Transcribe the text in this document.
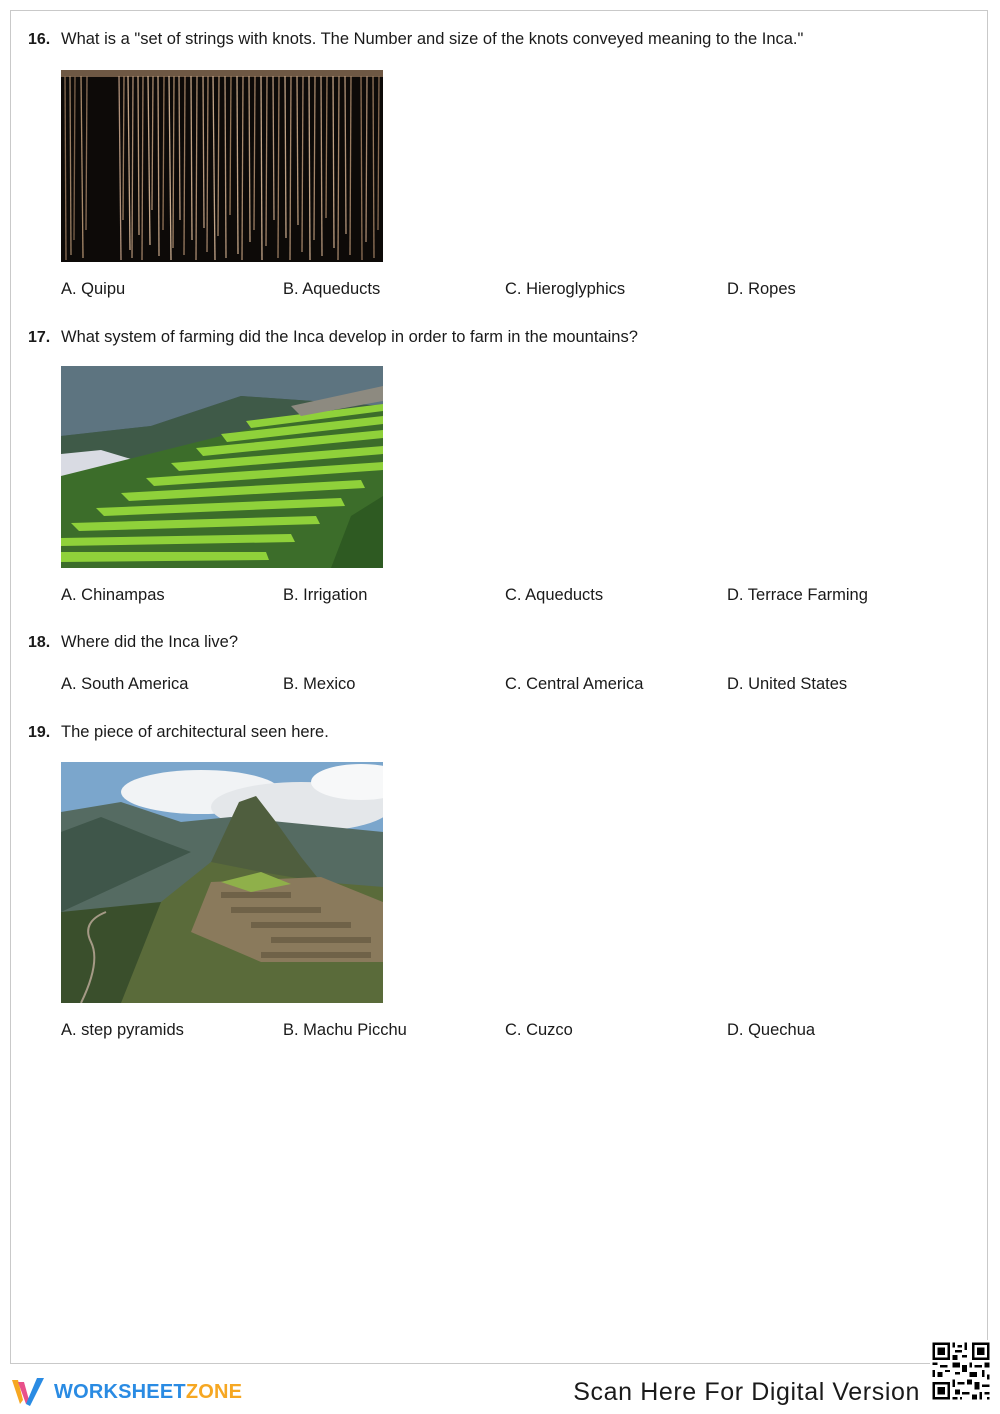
16. What is a "set of strings with knots. The Number and size of the knots conveyed meaning to the Inca."
A. Quipu	B. Aqueducts	C. Hieroglyphics	D. Ropes
17. What system of farming did the Inca develop in order to farm in the mountains?
A. Chinampas	B. Irrigation	C. Aqueducts	D. Terrace Farming
18. Where did the Inca live?
A. South America	B. Mexico	C. Central America	D. United States
19. The piece of architectural seen here.
A. step pyramids	B. Machu Picchu	C. Cuzco	D. Quechua
WORKSHEETZONE	Scan Here For Digital Version
